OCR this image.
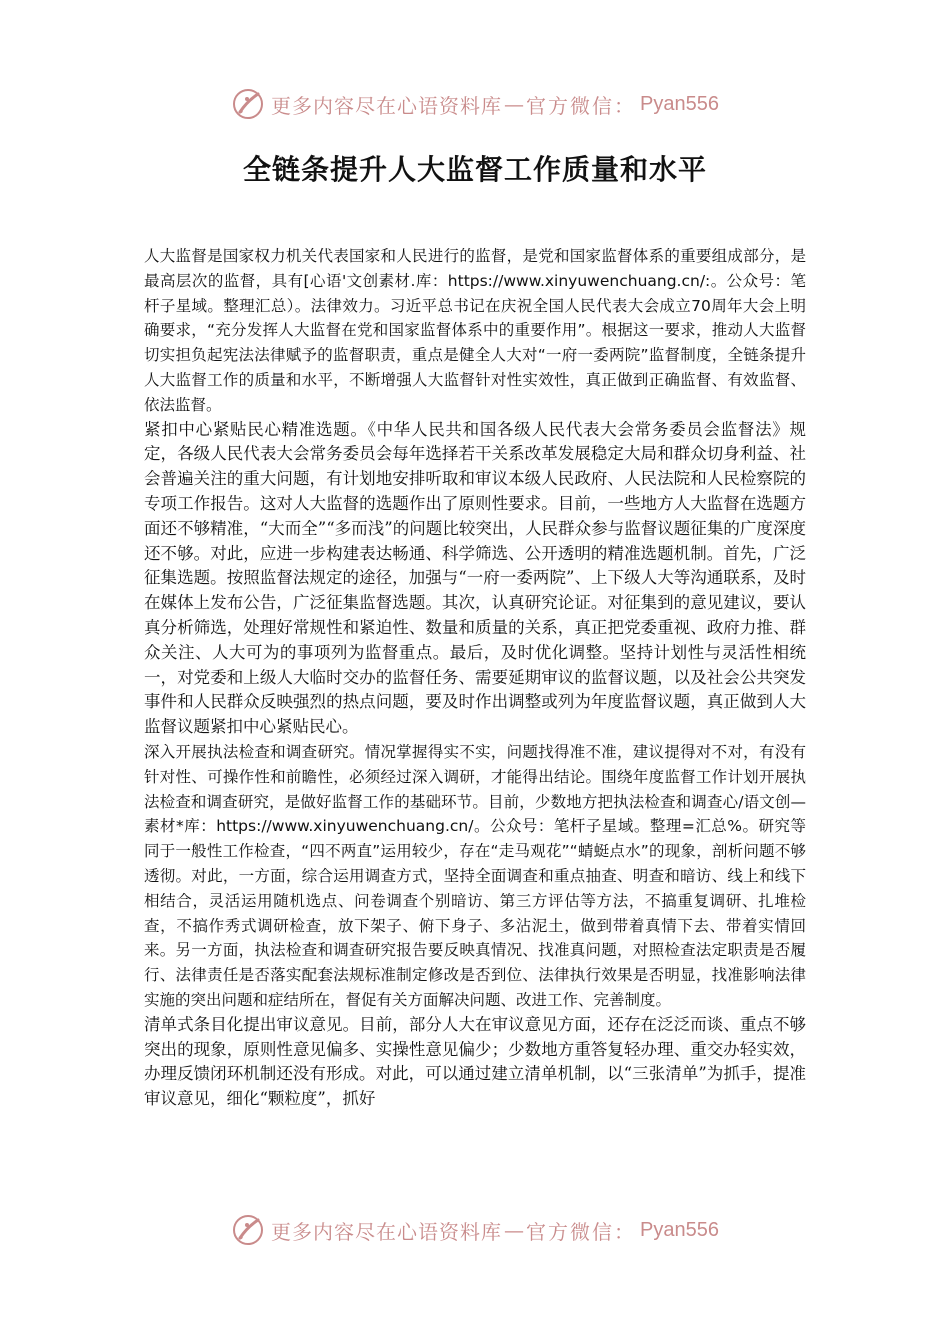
更多内容尽在心语资料库 — 官方微信： Pyan556
全链条提升人大监督工作质量和水平

人大监督是国家权力机关代表国家和人民进行的监督，是党和国家监督体系的重要组成部分，是最高层次的监督，具有[心语'文创素材.库：https://www.xinyuwenchuang.cn/:。公众号：笔杆子星域。整理汇总）。法律效力。习近平总书记在庆祝全国人民代表大会成立70周年大会上明确要求，“充分发挥人大监督在党和国家监督体系中的重要作用”。根据这一要求，推动人大监督切实担负起宪法法律赋予的监督职责，重点是健全人大对“一府一委两院”监督制度，全链条提升人大监督工作的质量和水平，不断增强人大监督针对性实效性，真正做到正确监督、有效监督、依法监督。

紧扣中心紧贴民心精准选题。《中华人民共和国各级人民代表大会常务委员会监督法》规定，各级人民代表大会常务委员会每年选择若干关系改革发展稳定大局和群众切身利益、社会普遍关注的重大问题，有计划地安排听取和审议本级人民政府、人民法院和人民检察院的专项工作报告。这对人大监督的选题作出了原则性要求。目前，一些地方人大监督在选题方面还不够精准，“大而全”“多而浅”的问题比较突出，人民群众参与监督议题征集的广度深度还不够。对此，应进一步构建表达畅通、科学筛选、公开透明的精准选题机制。首先，广泛征集选题。按照监督法规定的途径，加强与“一府一委两院”、上下级人大等沟通联系，及时在媒体上发布公告，广泛征集监督选题。其次，认真研究论证。对征集到的意见建议，要认真分析筛选，处理好常规性和紧迫性、数量和质量的关系，真正把党委重视、政府力推、群众关注、人大可为的事项列为监督重点。最后，及时优化调整。坚持计划性与灵活性相统一，对党委和上级人大临时交办的监督任务、需要延期审议的监督议题，以及社会公共突发事件和人民群众反映强烈的热点问题，要及时作出调整或列为年度监督议题，真正做到人大监督议题紧扣中心紧贴民心。

深入开展执法检查和调查研究。情况掌握得实不实，问题找得准不准，建议提得对不对，有没有针对性、可操作性和前瞻性，必须经过深入调研，才能得出结论。围绕年度监督工作计划开展执法检查和调查研究，是做好监督工作的基础环节。目前，少数地方把执法检查和调查心/语文创—素材*库：https://www.xinyuwenchuang.cn/。公众号：笔杆子星域。整理=汇总%。研究等同于一般性工作检查，“四不两直”运用较少，存在“走马观花”“蜻蜓点水”的现象，剖析问题不够透彻。对此，一方面，综合运用调查方式，坚持全面调查和重点抽查、明查和暗访、线上和线下相结合，灵活运用随机选点、问卷调查个别暗访、第三方评估等方法，不搞重复调研、扎堆检查，不搞作秀式调研检查，放下架子、俯下身子、多沾泥土，做到带着真情下去、带着实情回来。另一方面，执法检查和调查研究报告要反映真情况、找准真问题，对照检查法定职责是否履行、法律责任是否落实配套法规标准制定修改是否到位、法律执行效果是否明显，找准影响法律实施的突出问题和症结所在，督促有关方面解决问题、改进工作、完善制度。

清单式条目化提出审议意见。目前，部分人大在审议意见方面，还存在泛泛而谈、重点不够突出的现象，原则性意见偏多、实操性意见偏少；少数地方重答复轻办理、重交办轻实效，办理反馈闭环机制还没有形成。对此，可以通过建立清单机制，以“三张清单”为抓手，提准审议意见，细化“颗粒度”，抓好

更多内容尽在心语资料库 — 官方微信： Pyan556
